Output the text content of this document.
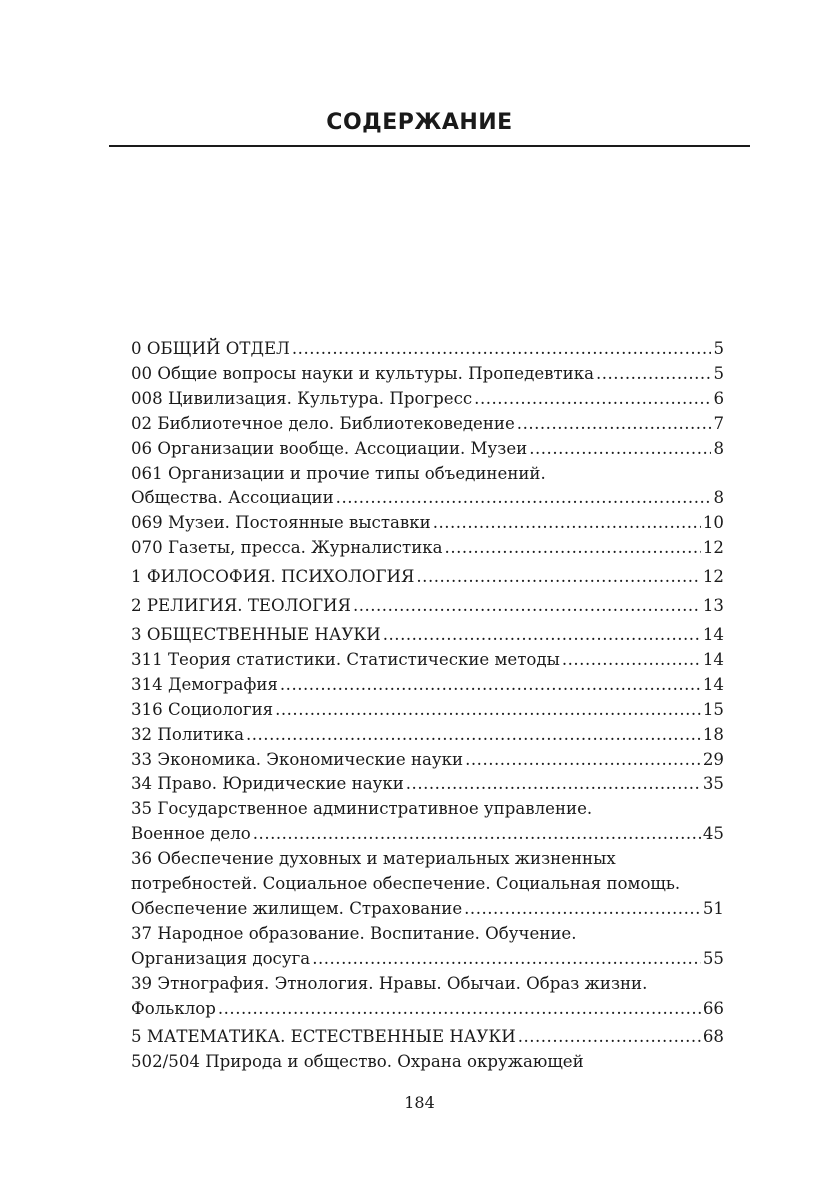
СОДЕРЖАНИЕ
0 ОБЩИЙ ОТДЕЛ .....	5
00 Общие вопросы науки и культуры. Пропедевтика .....	5
008 Цивилизация. Культура. Прогресс .....	6
02 Библиотечное дело. Библиотековедение .....	7
06 Организации вообще. Ассоциации. Музеи .....	8
061 Организации и прочие типы объединений.
Общества. Ассоциации .....	8
069 Музеи. Постоянные выставки .....	10
070 Газеты, пресса. Журналистика .....	12
1 ФИЛОСОФИЯ. ПСИХОЛОГИЯ .....	12
2 РЕЛИГИЯ. ТЕОЛОГИЯ .....	13
3 ОБЩЕСТВЕННЫЕ НАУКИ .....	14
311 Теория статистики. Статистические методы .....	14
314 Демография .....	14
316 Социология .....	15
32 Политика .....	18
33 Экономика. Экономические науки .....	29
34 Право. Юридические науки .....	35
35 Государственное административное управление.
Военное дело .....	45
36 Обеспечение духовных и материальных жизненных
потребностей. Социальное обеспечение. Социальная помощь.
Обеспечение жилищем. Страхование .....	51
37 Народное образование. Воспитание. Обучение.
Организация досуга .....	55
39 Этнография. Этнология. Нравы. Обычаи. Образ жизни.
Фольклор .....	66
5 МАТЕМАТИКА. ЕСТЕСТВЕННЫЕ НАУКИ .....	68
502/504 Природа и общество. Охрана окружающей
184
